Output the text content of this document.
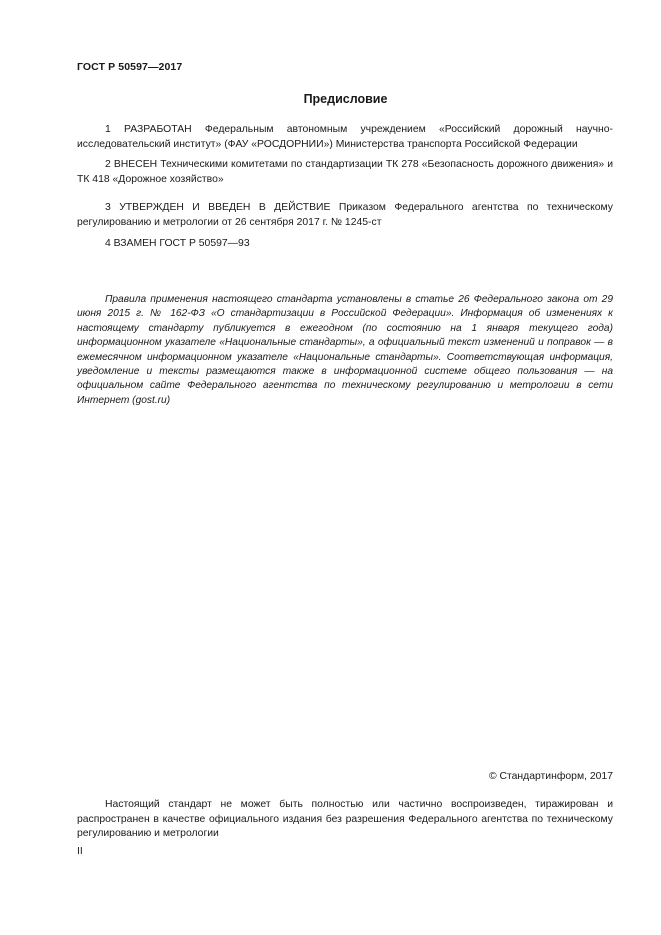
ГОСТ Р 50597—2017
Предисловие
1 РАЗРАБОТАН Федеральным автономным учреждением «Российский дорожный научно-исследовательский институт» (ФАУ «РОСДОРНИИ») Министерства транспорта Российской Федерации
2 ВНЕСЕН Техническими комитетами по стандартизации ТК 278 «Безопасность дорожного движения» и ТК 418 «Дорожное хозяйство»
3 УТВЕРЖДЕН И ВВЕДЕН В ДЕЙСТВИЕ Приказом Федерального агентства по техническому регулированию и метрологии от 26 сентября 2017 г. № 1245-ст
4 ВЗАМЕН ГОСТ Р 50597—93
Правила применения настоящего стандарта установлены в статье 26 Федерального закона от 29 июня 2015 г. № 162-ФЗ «О стандартизации в Российской Федерации». Информация об изменениях к настоящему стандарту публикуется в ежегодном (по состоянию на 1 января текущего года) информационном указателе «Национальные стандарты», а официальный текст изменений и поправок — в ежемесячном информационном указателе «Национальные стандарты». Соответствующая информация, уведомление и тексты размещаются также в информационной системе общего пользования — на официальном сайте Федерального агентства по техническому регулированию и метрологии в сети Интернет (gost.ru)
© Стандартинформ, 2017
Настоящий стандарт не может быть полностью или частично воспроизведен, тиражирован и распространен в качестве официального издания без разрешения Федерального агентства по техническому регулированию и метрологии
II
